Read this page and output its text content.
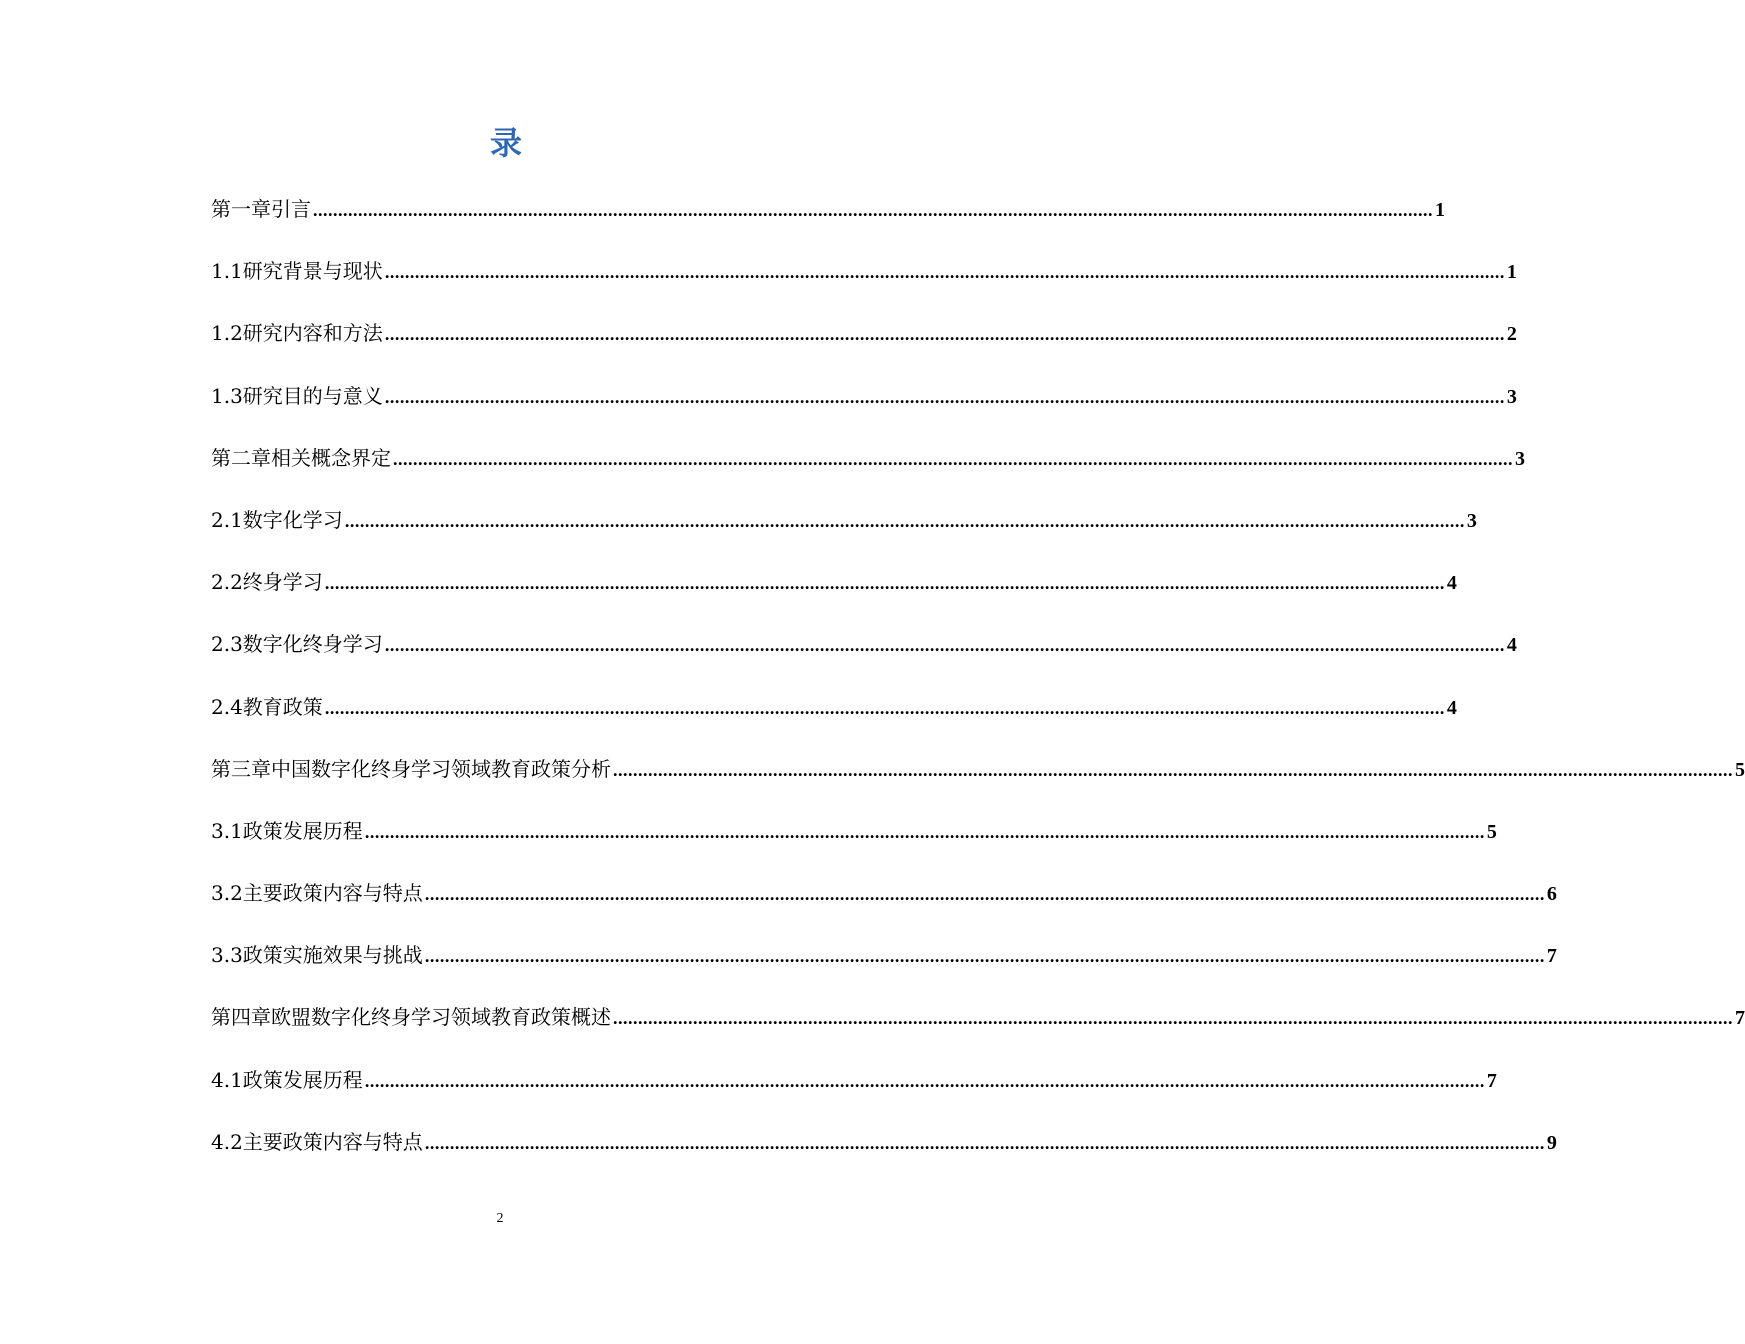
录
第一章引言 ................................................................................................................................................................................................................................ 1
1.1研究背景与现状 ................................................................................................................................................................................................................................ 1
1.2研究内容和方法 ................................................................................................................................................................................................................................ 2
1.3研究目的与意义 ................................................................................................................................................................................................................................ 3
第二章相关概念界定 ................................................................................................................................................................................................................................ 3
2.1数字化学习 ................................................................................................................................................................................................................................ 3
2.2终身学习 ................................................................................................................................................................................................................................ 4
2.3数字化终身学习 ................................................................................................................................................................................................................................ 4
2.4教育政策 ................................................................................................................................................................................................................................ 4
第三章中国数字化终身学习领域教育政策分析 ................................................................................................................................................................................................................................ 5
3.1政策发展历程 ................................................................................................................................................................................................................................ 5
3.2主要政策内容与特点 ................................................................................................................................................................................................................................ 6
3.3政策实施效果与挑战 ................................................................................................................................................................................................................................ 7
第四章欧盟数字化终身学习领域教育政策概述 ................................................................................................................................................................................................................................ 7
4.1政策发展历程 ................................................................................................................................................................................................................................ 7
4.2主要政策内容与特点 ................................................................................................................................................................................................................................ 9
2
